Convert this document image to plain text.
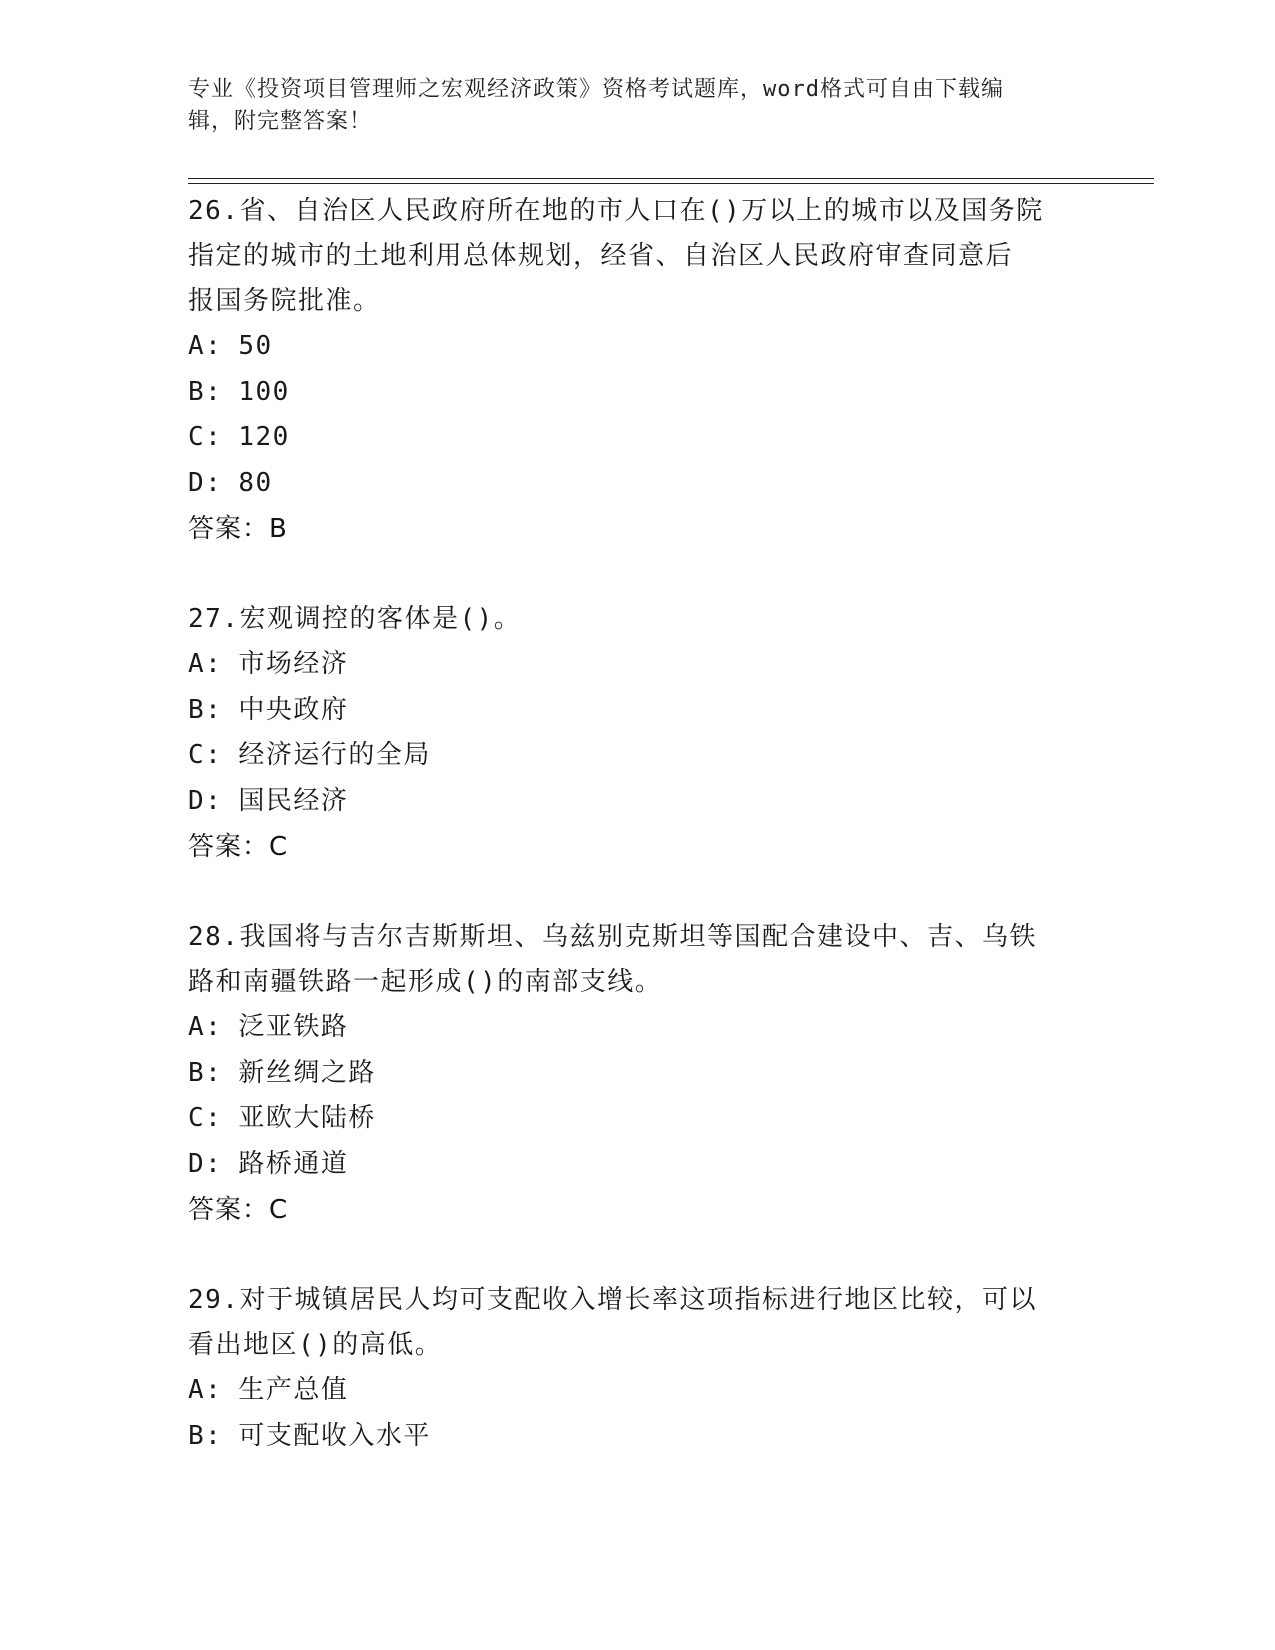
专业《投资项目管理师之宏观经济政策》资格考试题库，word格式可自由下载编
辑，附完整答案！

26.省、自治区人民政府所在地的市人口在()万以上的城市以及国务院

指定的城市的土地利用总体规划，经省、自治区人民政府审查同意后

报国务院批准。

A: 50

B: 100

C: 120

D: 80

答案：B

27.宏观调控的客体是()。

A: 市场经济

B: 中央政府

C: 经济运行的全局

D: 国民经济

答案：C

28.我国将与吉尔吉斯斯坦、乌兹别克斯坦等国配合建设中、吉、乌铁

路和南疆铁路一起形成()的南部支线。

A: 泛亚铁路

B: 新丝绸之路

C: 亚欧大陆桥

D: 路桥通道

答案：C

29.对于城镇居民人均可支配收入增长率这项指标进行地区比较，可以

看出地区()的高低。

A: 生产总值

B: 可支配收入水平
